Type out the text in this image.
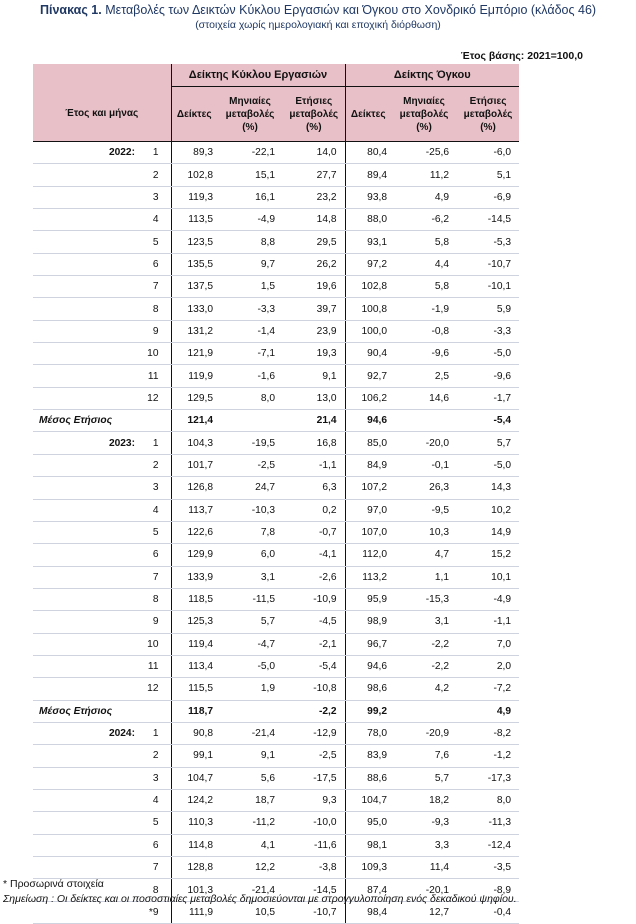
Πίνακας 1. Μεταβολές των Δεικτών Κύκλου Εργασιών και Όγκου στο Χονδρικό Εμπόριο (κλάδος 46)
(στοιχεία χωρίς ημερολογιακή και εποχική διόρθωση)
Έτος βάσης: 2021=100,0
		Δείκτης Κύκλου Εργασιών			Δείκτης Όγκου		
Έτος και μήνας		Δείκτες	Μηνιαίες
μεταβολές
(%)	Ετήσιες
μεταβολές
(%)	Δείκτες	Μηνιαίες
μεταβολές
(%)	Ετήσιες
μεταβολές
(%)
2022:	1	89,3	-22,1	14,0	80,4	-25,6	-6,0
	2	102,8	15,1	27,7	89,4	11,2	5,1
	3	119,3	16,1	23,2	93,8	4,9	-6,9
	4	113,5	-4,9	14,8	88,0	-6,2	-14,5
	5	123,5	8,8	29,5	93,1	5,8	-5,3
	6	135,5	9,7	26,2	97,2	4,4	-10,7
	7	137,5	1,5	19,6	102,8	5,8	-10,1
	8	133,0	-3,3	39,7	100,8	-1,9	5,9
	9	131,2	-1,4	23,9	100,0	-0,8	-3,3
	10	121,9	-7,1	19,3	90,4	-9,6	-5,0
	11	119,9	-1,6	9,1	92,7	2,5	-9,6
	12	129,5	8,0	13,0	106,2	14,6	-1,7
Μέσος Ετήσιος		121,4		21,4	94,6		-5,4
2023:	1	104,3	-19,5	16,8	85,0	-20,0	5,7
	2	101,7	-2,5	-1,1	84,9	-0,1	-5,0
	3	126,8	24,7	6,3	107,2	26,3	14,3
	4	113,7	-10,3	0,2	97,0	-9,5	10,2
	5	122,6	7,8	-0,7	107,0	10,3	14,9
	6	129,9	6,0	-4,1	112,0	4,7	15,2
	7	133,9	3,1	-2,6	113,2	1,1	10,1
	8	118,5	-11,5	-10,9	95,9	-15,3	-4,9
	9	125,3	5,7	-4,5	98,9	3,1	-1,1
	10	119,4	-4,7	-2,1	96,7	-2,2	7,0
	11	113,4	-5,0	-5,4	94,6	-2,2	2,0
	12	115,5	1,9	-10,8	98,6	4,2	-7,2
Μέσος Ετήσιος		118,7		-2,2	99,2		4,9
2024:	1	90,8	-21,4	-12,9	78,0	-20,9	-8,2
	2	99,1	9,1	-2,5	83,9	7,6	-1,2
	3	104,7	5,6	-17,5	88,6	5,7	-17,3
	4	124,2	18,7	9,3	104,7	18,2	8,0
	5	110,3	-11,2	-10,0	95,0	-9,3	-11,3
	6	114,8	4,1	-11,6	98,1	3,3	-12,4
	7	128,8	12,2	-3,8	109,3	11,4	-3,5
	8	101,3	-21,4	-14,5	87,4	-20,1	-8,9
	*9	111,9	10,5	-10,7	98,4	12,7	-0,4
* Προσωρινά στοιχεία
Σημείωση : Οι δείκτες και οι ποσοστιαίες μεταβολές δημοσιεύονται με στρογγυλοποίηση ενός δεκαδικού ψηφίου.
